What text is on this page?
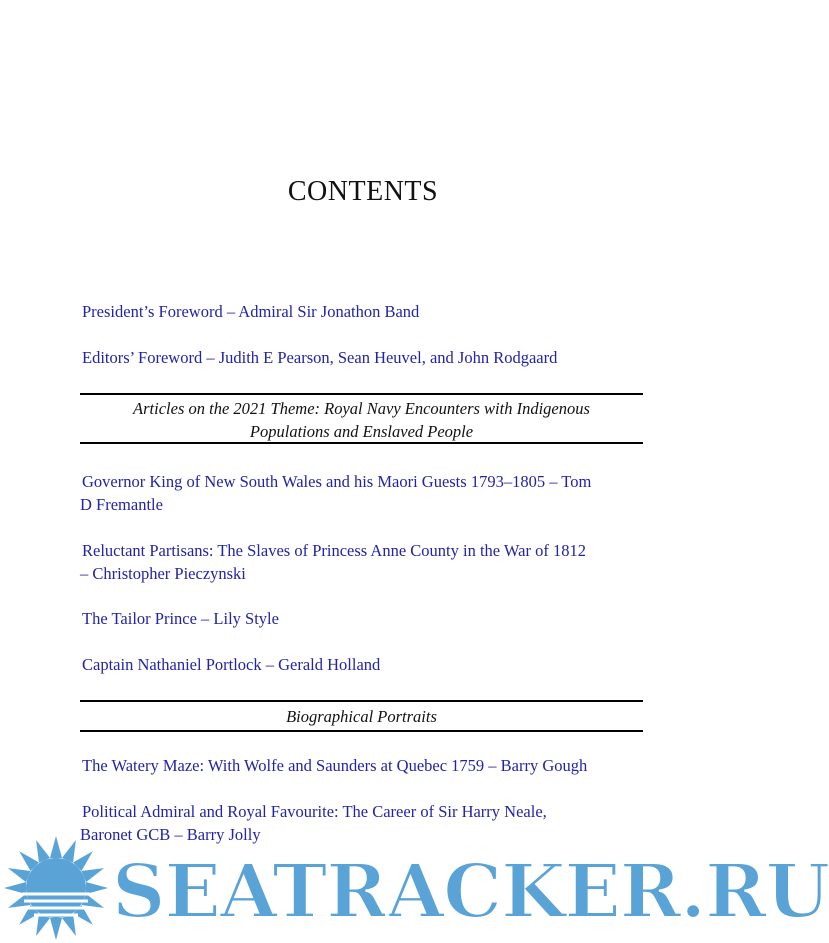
CONTENTS
President’s Foreword – Admiral Sir Jonathon Band
Editors’ Foreword – Judith E Pearson, Sean Heuvel, and John Rodgaard
Articles on the 2021 Theme: Royal Navy Encounters with Indigenous
Populations and Enslaved People
Governor King of New South Wales and his Maori Guests 1793–1805 – Tom
D Fremantle
Reluctant Partisans: The Slaves of Princess Anne County in the War of 1812
– Christopher Pieczynski
The Tailor Prince – Lily Style
Captain Nathaniel Portlock – Gerald Holland
Biographical Portraits
The Watery Maze: With Wolfe and Saunders at Quebec 1759 – Barry Gough
Political Admiral and Royal Favourite: The Career of Sir Harry Neale,
Baronet GCB – Barry Jolly
SEATRACKER.RU
